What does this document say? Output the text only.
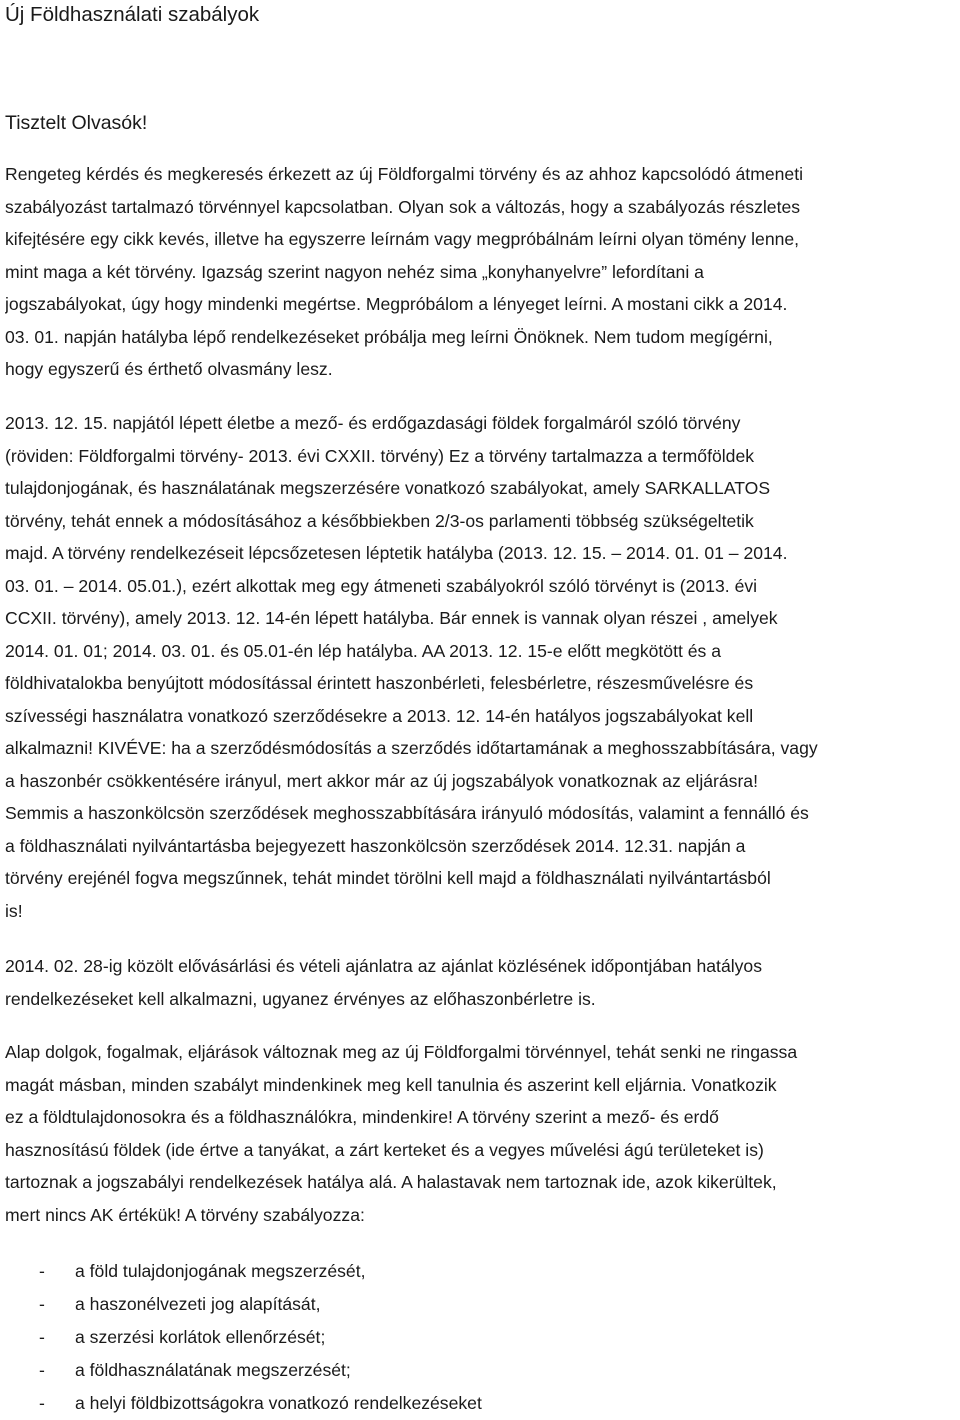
Új Földhasználati szabályok

Tisztelt Olvasók!

Rengeteg kérdés és megkeresés érkezett az új Földforgalmi törvény és az ahhoz kapcsolódó átmeneti
szabályozást tartalmazó törvénnyel kapcsolatban. Olyan sok a változás, hogy a szabályozás részletes
kifejtésére egy cikk kevés, illetve ha egyszerre leírnám vagy megpróbálnám leírni olyan tömény lenne,
mint maga a két törvény. Igazság szerint nagyon nehéz sima „konyhanyelvre” lefordítani a
jogszabályokat, úgy hogy mindenki megértse. Megpróbálom a lényeget leírni. A mostani cikk a 2014.
03. 01. napján hatályba lépő rendelkezéseket próbálja meg leírni Önöknek. Nem tudom megígérni,
hogy egyszerű és érthető olvasmány lesz.
2013. 12. 15. napjától lépett életbe a mező- és erdőgazdasági földek forgalmáról szóló törvény
(röviden: Földforgalmi törvény- 2013. évi CXXII. törvény) Ez a törvény tartalmazza a termőföldek
tulajdonjogának, és használatának megszerzésére vonatkozó szabályokat, amely SARKALLATOS
törvény, tehát ennek a módosításához a későbbiekben 2/3-os parlamenti többség szükségeltetik
majd. A törvény rendelkezéseit lépcsőzetesen léptetik hatályba (2013. 12. 15. – 2014. 01. 01 – 2014.
03. 01. – 2014. 05.01.), ezért alkottak meg egy átmeneti szabályokról szóló törvényt is (2013. évi
CCXII. törvény), amely 2013. 12. 14-én lépett hatályba. Bár ennek is vannak olyan részei , amelyek
2014. 01. 01; 2014. 03. 01. és 05.01-én lép hatályba. AA 2013. 12. 15-e előtt megkötött és a
földhivatalokba benyújtott módosítással érintett haszonbérleti, felesbérletre, részesművelésre és
szívességi használatra vonatkozó szerződésekre a 2013. 12. 14-én hatályos jogszabályokat kell
alkalmazni! KIVÉVE: ha a szerződésmódosítás a szerződés időtartamának a meghosszabbítására, vagy
a haszonbér csökkentésére irányul, mert akkor már az új jogszabályok vonatkoznak az eljárásra!
Semmis a haszonkölcsön szerződések meghosszabbítására irányuló módosítás, valamint a fennálló és
a földhasználati nyilvántartásba bejegyezett haszonkölcsön szerződések 2014. 12.31. napján a
törvény erejénél fogva megszűnnek, tehát mindet törölni kell majd a földhasználati nyilvántartásból
is!
2014. 02. 28-ig közölt elővásárlási és vételi ajánlatra az ajánlat közlésének időpontjában hatályos
rendelkezéseket kell alkalmazni, ugyanez érvényes az előhaszonbérletre is.
Alap dolgok, fogalmak, eljárások változnak meg az új Földforgalmi törvénnyel, tehát senki ne ringassa
magát másban, minden szabályt mindenkinek meg kell tanulnia és aszerint kell eljárnia. Vonatkozik
ez a földtulajdonosokra és a földhasználókra, mindenkire! A törvény szerint a mező- és erdő
hasznosítású földek (ide értve a tanyákat, a zárt kerteket és a vegyes művelési ágú területeket is)
tartoznak a jogszabályi rendelkezések hatálya alá. A halastavak nem tartoznak ide, azok kikerültek,
mert nincs AK értékük! A törvény szabályozza:
- a föld tulajdonjogának megszerzését,
- a haszonélvezeti jog alapítását,
- a szerzési korlátok ellenőrzését;
- a földhasználatának megszerzését;
- a helyi földbizottságokra vonatkozó rendelkezéseket
